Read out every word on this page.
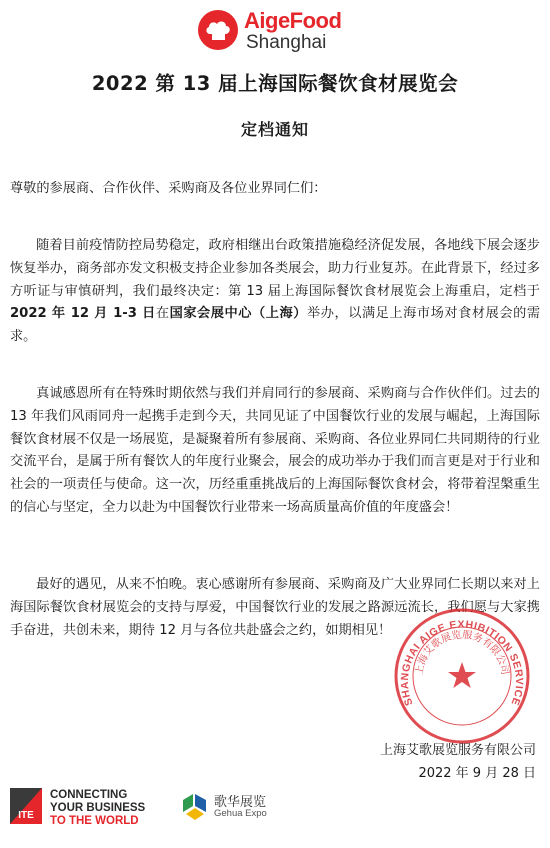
AigeFood
Shanghai
2022 第 13 届上海国际餐饮食材展览会
定档通知

尊敬的参展商、合作伙伴、采购商及各位业界同仁们：

随着目前疫情防控局势稳定，政府相继出台政策措施稳经济促发展，各地线下展会逐步恢复举办，商务部亦发文积极支持企业参加各类展会，助力行业复苏。在此背景下，经过多方听证与审慎研判，我们最终决定：第 13 届上海国际餐饮食材展览会上海重启，定档于 2022 年 12 月 1-3 日在国家会展中心（上海）举办，以满足上海市场对食材展会的需求。

真诚感恩所有在特殊时期依然与我们并肩同行的参展商、采购商与合作伙伴们。过去的 13 年我们风雨同舟一起携手走到今天，共同见证了中国餐饮行业的发展与崛起，上海国际餐饮食材展不仅是一场展览，是凝聚着所有参展商、采购商、各位业界同仁共同期待的行业交流平台，是属于所有餐饮人的年度行业聚会，展会的成功举办于我们而言更是对于行业和社会的一项责任与使命。这一次，历经重重挑战后的上海国际餐饮食材会，将带着涅槃重生的信心与坚定，全力以赴为中国餐饮行业带来一场高质量高价值的年度盛会！

最好的遇见，从来不怕晚。衷心感谢所有参展商、采购商及广大业界同仁长期以来对上海国际餐饮食材展览会的支持与厚爱，中国餐饮行业的发展之路源远流长，我们愿与大家携手奋进，共创未来，期待 12 月与各位共赴盛会之约，如期相见！

SHANGHAI AIGE EXHIBITION SERVICE
上海艾歌展览服务有限公司

上海艾歌展览服务有限公司

2022 年 9 月 28 日

ITE

CONNECTING
YOUR BUSINESS
TO THE WORLD

歌华展览
Gehua Expo
